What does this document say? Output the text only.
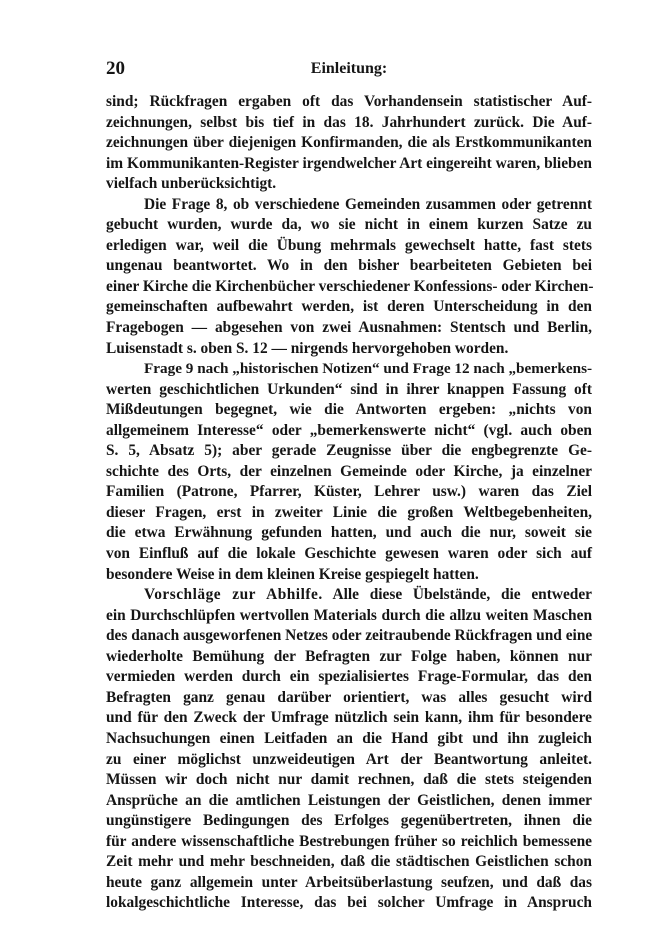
20	Einleitung:
sind; Rückfragen ergaben oft das Vorhandensein statistischer Auf-
zeichnungen, selbst bis tief in das 18. Jahrhundert zurück. Die Auf-
zeichnungen über diejenigen Konfirmanden, die als Erstkommunikanten
im Kommunikanten-Register irgendwelcher Art eingereiht waren, blieben
vielfach unberücksichtigt.
Die Frage 8, ob verschiedene Gemeinden zusammen oder getrennt
gebucht wurden, wurde da, wo sie nicht in einem kurzen Satze zu
erledigen war, weil die Übung mehrmals gewechselt hatte, fast stets
ungenau beantwortet. Wo in den bisher bearbeiteten Gebieten bei
einer Kirche die Kirchenbücher verschiedener Konfessions- oder Kirchen-
gemeinschaften aufbewahrt werden, ist deren Unterscheidung in den
Fragebogen — abgesehen von zwei Ausnahmen: Stentsch und Berlin,
Luisenstadt s. oben S. 12 — nirgends hervorgehoben worden.
Frage 9 nach „historischen Notizen“ und Frage 12 nach „bemerkens-
werten geschichtlichen Urkunden“ sind in ihrer knappen Fassung oft
Mißdeutungen begegnet, wie die Antworten ergeben: „nichts von
allgemeinem Interesse“ oder „bemerkenswerte nicht“ (vgl. auch oben
S. 5, Absatz 5); aber gerade Zeugnisse über die engbegrenzte Ge-
schichte des Orts, der einzelnen Gemeinde oder Kirche, ja einzelner
Familien (Patrone, Pfarrer, Küster, Lehrer usw.) waren das Ziel
dieser Fragen, erst in zweiter Linie die großen Weltbegebenheiten,
die etwa Erwähnung gefunden hatten, und auch die nur, soweit sie
von Einfluß auf die lokale Geschichte gewesen waren oder sich auf
besondere Weise in dem kleinen Kreise gespiegelt hatten.
Vorschläge zur Abhilfe. Alle diese Übelstände, die entweder
ein Durchschlüpfen wertvollen Materials durch die allzu weiten Maschen
des danach ausgeworfenen Netzes oder zeitraubende Rückfragen und eine
wiederholte Bemühung der Befragten zur Folge haben, können nur
vermieden werden durch ein spezialisiertes Frage-Formular, das den
Befragten ganz genau darüber orientiert, was alles gesucht wird
und für den Zweck der Umfrage nützlich sein kann, ihm für besondere
Nachsuchungen einen Leitfaden an die Hand gibt und ihn zugleich
zu einer möglichst unzweideutigen Art der Beantwortung anleitet.
Müssen wir doch nicht nur damit rechnen, daß die stets steigenden
Ansprüche an die amtlichen Leistungen der Geistlichen, denen immer
ungünstigere Bedingungen des Erfolges gegenübertreten, ihnen die
für andere wissenschaftliche Bestrebungen früher so reichlich bemessene
Zeit mehr und mehr beschneiden, daß die städtischen Geistlichen schon
heute ganz allgemein unter Arbeitsüberlastung seufzen, und daß das
lokalgeschichtliche Interesse, das bei solcher Umfrage in Anspruch
